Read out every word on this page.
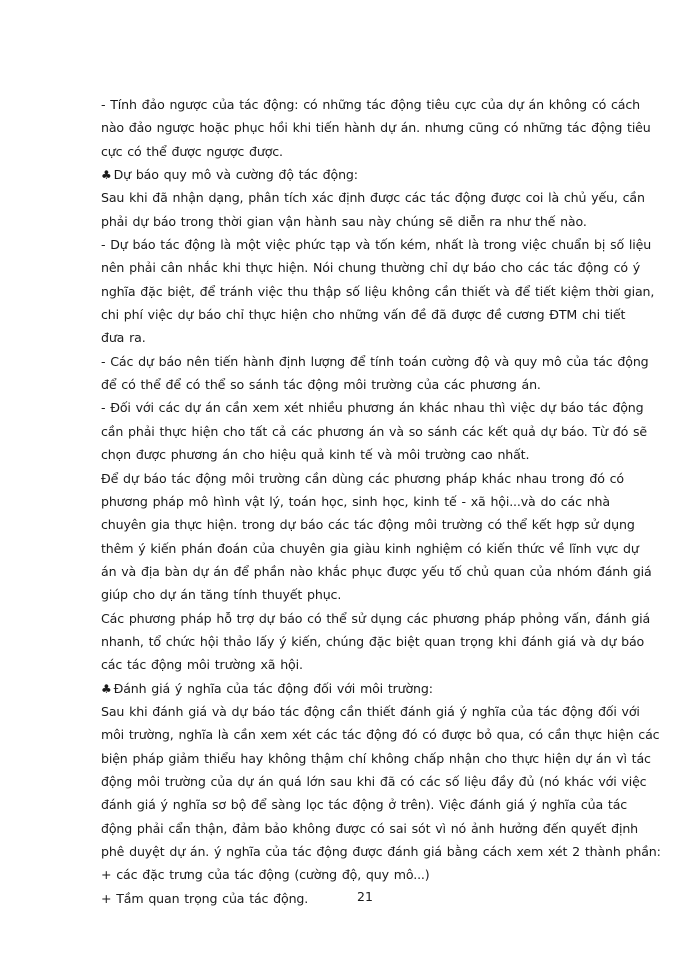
- Tính đảo ngược của tác động: có những tác động tiêu cực của dự án không có cách
nào đảo ngược hoặc phục hồi khi tiến hành dự án. nhưng cũng có những tác động tiêu
cực có thể được ngược được.
♣ Dự báo quy mô và cường độ tác động:
Sau khi đã nhận dạng, phân tích xác định được các tác động được coi là chủ yếu, cần
phải dự báo trong thời gian vận hành sau này chúng sẽ diễn ra như thế nào.
- Dự báo tác động là một việc phức tạp và tốn kém, nhất là trong việc chuẩn bị số liệu
nên phải cân nhắc khi thực hiện. Nói chung thường chỉ dự báo cho các tác động có ý
nghĩa đặc biệt, để tránh việc thu thập số liệu không cần thiết và để tiết kiệm thời gian,
chi phí việc dự báo chỉ thực hiện cho những vấn đề đã được đề cương ĐTM chi tiết
đưa ra.
- Các dự báo nên tiến hành định lượng để tính toán cường độ và quy mô của tác động
để có thể để có thể so sánh tác động môi trường của các phương án.
- Đối với các dự án cần xem xét nhiều phương án khác nhau thì việc dự báo tác động
cần phải thực hiện cho tất cả các phương án và so sánh các kết quả dự báo. Từ đó sẽ
chọn được phương án cho hiệu quả kinh tế và môi trường cao nhất.
Để dự báo tác động môi trường cần dùng các phương pháp khác nhau trong đó có
phương pháp mô hình vật lý, toán học, sinh học, kinh tế - xã hội...và do các nhà
chuyên gia thực hiện. trong dự báo các tác động môi trường có thể kết hợp sử dụng
thêm ý kiến phán đoán của chuyên gia giàu kinh nghiệm có kiến thức về lĩnh vực dự
án và địa bàn dự án để phần nào khắc phục được yếu tố chủ quan của nhóm đánh giá
giúp cho dự án tăng tính thuyết phục.
Các phương pháp hỗ trợ dự báo có thể sử dụng các phương pháp phỏng vấn, đánh giá
nhanh, tổ chức hội thảo lấy ý kiến, chúng đặc biệt quan trọng khi đánh giá và dự báo
các tác động môi trường xã hội.
♣ Đánh giá ý nghĩa của tác động đối với môi trường:
Sau khi đánh giá và dự báo tác động cần thiết đánh giá ý nghĩa của tác động đối với
môi trường, nghĩa là cần xem xét các tác động đó có được bỏ qua, có cần thực hiện các
biện pháp giảm thiểu hay không thậm chí không chấp nhận cho thực hiện dự án vì tác
động môi trường của dự án quá lớn sau khi đã có các số liệu đầy đủ (nó khác với việc
đánh giá ý nghĩa sơ bộ để sàng lọc tác động ở trên). Việc đánh giá ý nghĩa của tác
động phải cẩn thận, đảm bảo không được có sai sót vì nó ảnh hưởng đến quyết định
phê duyệt dự án. ý nghĩa của tác động được đánh giá bằng cách xem xét 2 thành phần:
+ các đặc trưng của tác động (cường độ, quy mô...)
+ Tầm quan trọng của tác động.	21
